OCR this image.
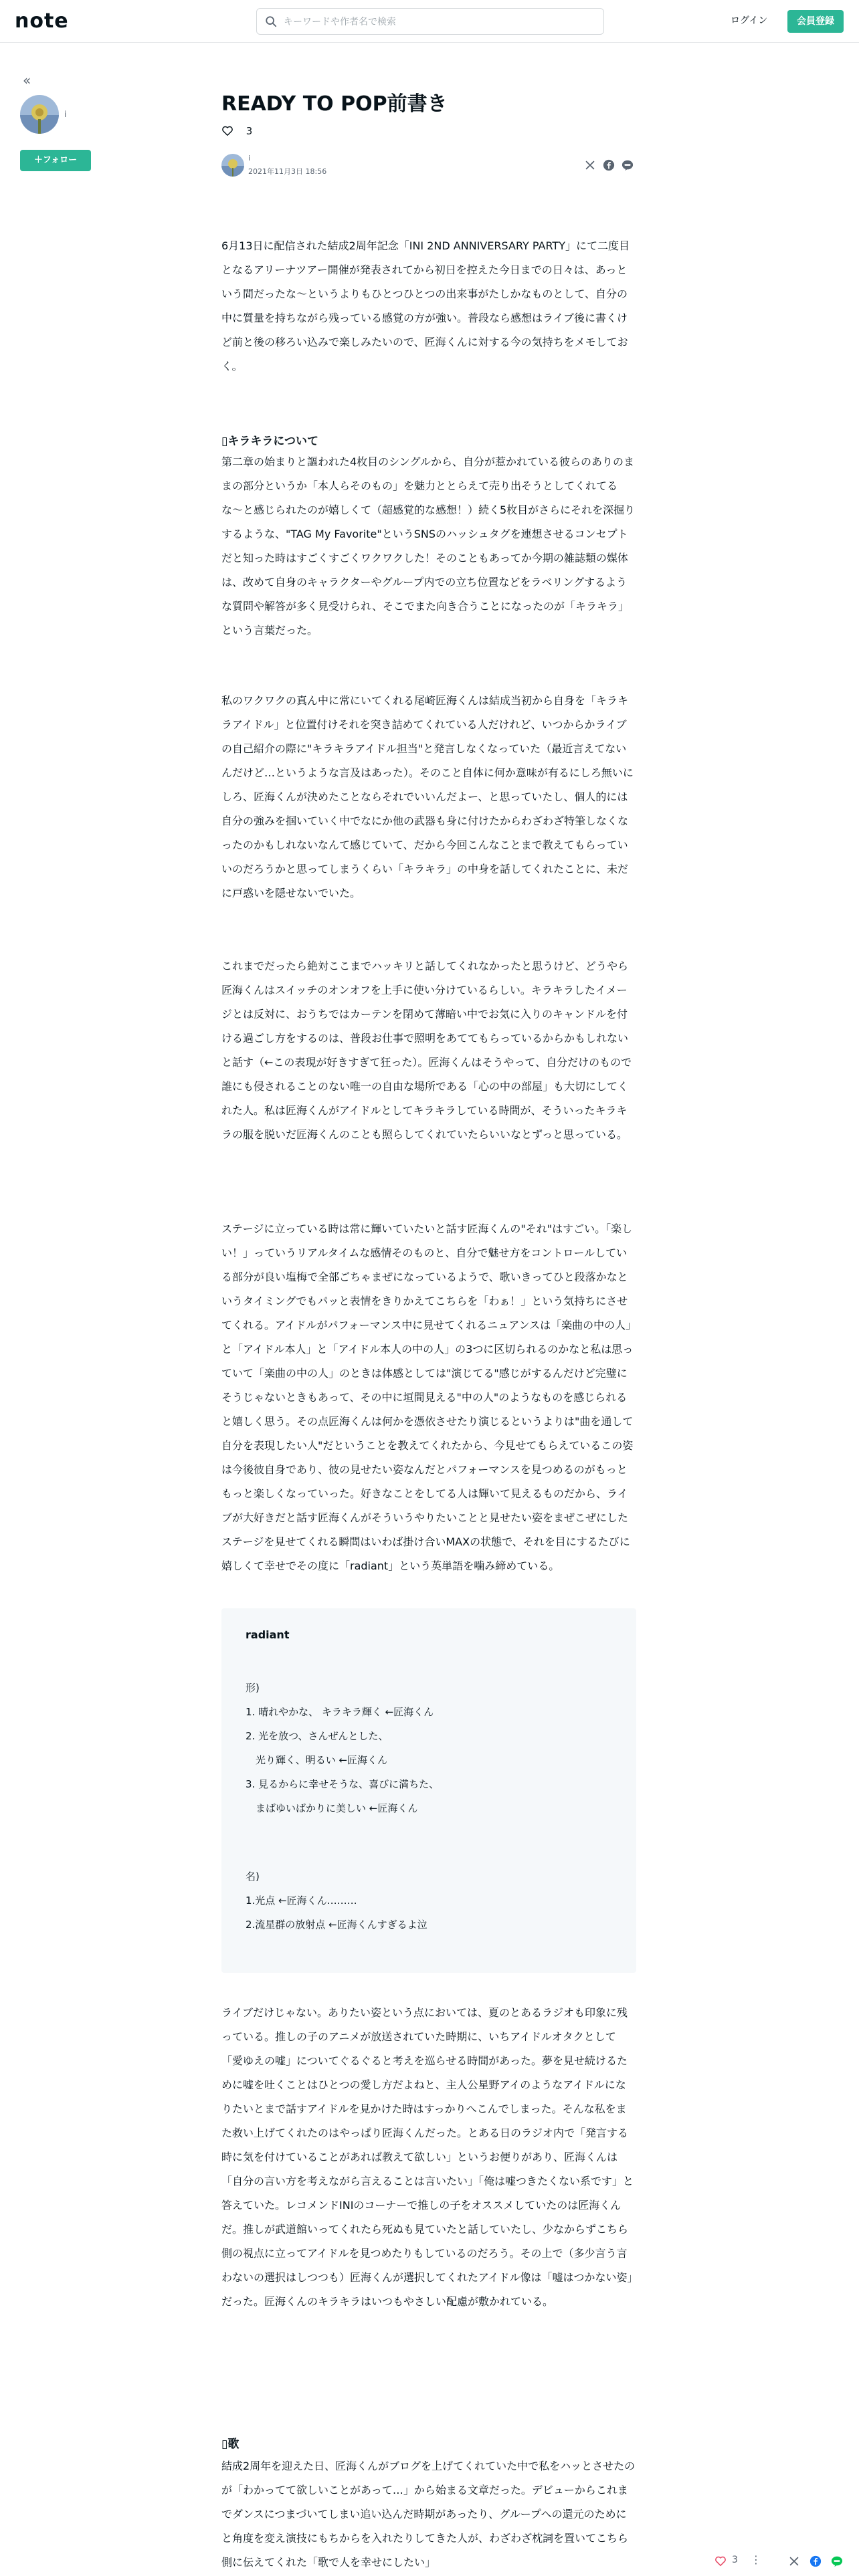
note
キーワードや作者名で検索	ログイン	会員登録
«
i
＋フォロー
READY TO POP前書き
3
i
2021年11月3日 18:56

6月13日に配信された結成2周年記念「INI 2ND ANNIVERSARY PARTY」にて二度目となるアリーナツアー開催が発表されてから初日を控えた今日までの日々は、あっという間だったな〜というよりもひとつひとつの出来事がたしかなものとして、自分の中に質量を持ちながら残っている感覚の方が強い。普段なら感想はライブ後に書くけど前と後の移ろい込みで楽しみたいので、匠海くんに対する今の気持ちをメモしておく。

▯キラキラについて

第二章の始まりと謳われた4枚目のシングルから、自分が惹かれている彼らのありのままの部分というか「本人らそのもの」を魅力ととらえて売り出そうとしてくれてるな〜と感じられたのが嬉しくて（超感覚的な感想！）続く5枚目がさらにそれを深掘りするような、"TAG My Favorite"というSNSのハッシュタグを連想させるコンセプトだと知った時はすごくすごくワクワクした！そのこともあってか今期の雑誌類の媒体は、改めて自身のキャラクターやグループ内での立ち位置などをラベリングするような質問や解答が多く見受けられ、そこでまた向き合うことになったのが「キラキラ」という言葉だった。

私のワクワクの真ん中に常にいてくれる尾崎匠海くんは結成当初から自身を「キラキラアイドル」と位置付けそれを突き詰めてくれている人だけれど、いつからかライブの自己紹介の際に"キラキラアイドル担当"と発言しなくなっていた（最近言えてないんだけど…というような言及はあった）。そのこと自体に何か意味が有るにしろ無いにしろ、匠海くんが決めたことならそれでいいんだよー、と思っていたし、個人的には自分の強みを掴いていく中でなにか他の武器も身に付けたからわざわざ特筆しなくなったのかもしれないなんて感じていて、だから今回こんなことまで教えてもらっていいのだろうかと思ってしまうくらい「キラキラ」の中身を話してくれたことに、未だに戸惑いを隠せないでいた。

これまでだったら絶対ここまでハッキリと話してくれなかったと思うけど、どうやら匠海くんはスイッチのオンオフを上手に使い分けているらしい。キラキラしたイメージとは反対に、おうちではカーテンを閉めて薄暗い中でお気に入りのキャンドルを付ける過ごし方をするのは、普段お仕事で照明をあててもらっているからかもしれないと話す（←この表現が好きすぎて狂った）。匠海くんはそうやって、自分だけのもので誰にも侵されることのない唯一の自由な場所である「心の中の部屋」も大切にしてくれた人。私は匠海くんがアイドルとしてキラキラしている時間が、そういったキラキラの服を脱いだ匠海くんのことも照らしてくれていたらいいなとずっと思っている。

ステージに立っている時は常に輝いていたいと話す匠海くんの"それ"はすごい。「楽しい！」っていうリアルタイムな感情そのものと、自分で魅せ方をコントロールしている部分が良い塩梅で全部ごちゃまぜになっているようで、歌いきってひと段落かなというタイミングでもパッと表情をきりかえてこちらを「わぁ！」という気持ちにさせてくれる。アイドルがパフォーマンス中に見せてくれるニュアンスは「楽曲の中の人」と「アイドル本人」と「アイドル本人の中の人」の3つに区切られるのかなと私は思っていて「楽曲の中の人」のときは体感としては"演じてる"感じがするんだけど完璧にそうじゃないときもあって、その中に垣間見える"中の人"のようなものを感じられると嬉しく思う。その点匠海くんは何かを憑依させたり演じるというよりは"曲を通して自分を表現したい人"だということを教えてくれたから、今見せてもらえているこの姿は今後彼自身であり、彼の見せたい姿なんだとパフォーマンスを見つめるのがもっともっと楽しくなっていった。好きなことをしてる人は輝いて見えるものだから、ライブが大好きだと話す匠海くんがそういうやりたいことと見せたい姿をまぜこぜにしたステージを見せてくれる瞬間はいわば掛け合いMAXの状態で、それを目にするたびに嬉しくて幸せでその度に「radiant」という英単語を噛み締めている。

radiant
形)
1. 晴れやかな、 キラキラ輝く ←匠海くん
2. 光を放つ、さんぜんとした、
　光り輝く、明るい ←匠海くん
3. 見るからに幸せそうな、喜びに満ちた、
　まばゆいばかりに美しい ←匠海くん
名)
1.光点 ←匠海くん………
2.流星群の放射点 ←匠海くんすぎるよ泣

ライブだけじゃない。ありたい姿という点においては、夏のとあるラジオも印象に残っている。推しの子のアニメが放送されていた時期に、いちアイドルオタクとして「愛ゆえの嘘」についてぐるぐると考えを巡らせる時間があった。夢を見せ続けるために嘘を吐くことはひとつの愛し方だよねと、主人公星野アイのようなアイドルになりたいとまで話すアイドルを見かけた時はすっかりへこんでしまった。そんな私をまた救い上げてくれたのはやっぱり匠海くんだった。とある日のラジオ内で「発言する時に気を付けていることがあれば教えて欲しい」というお便りがあり、匠海くんは「自分の言い方を考えながら言えることは言いたい」「俺は嘘つきたくない系です」と答えていた。レコメンドINIのコーナーで推しの子をオススメしていたのは匠海くんだ。推しが武道館いってくれたら死ぬも見ていたと話していたし、少なからずこちら側の視点に立ってアイドルを見つめたりもしているのだろう。その上で（多少言う言わないの選択はしつつも）匠海くんが選択してくれたアイドル像は「嘘はつかない姿」だった。匠海くんのキラキラはいつもやさしい配慮が敷かれている。

▯歌

結成2周年を迎えた日、匠海くんがブログを上げてくれていた中で私をハッとさせたのが「わかってて欲しいことがあって…」から始まる文章だった。デビューからこれまでダンスにつまづいてしまい追い込んだ時期があったり、グループへの還元のためにと角度を変え演技にもちからを入れたりしてきた人が、わざわざ枕詞を置いてこちら側に伝えてくれた「歌で人を幸せにしたい」	3 ⋮
